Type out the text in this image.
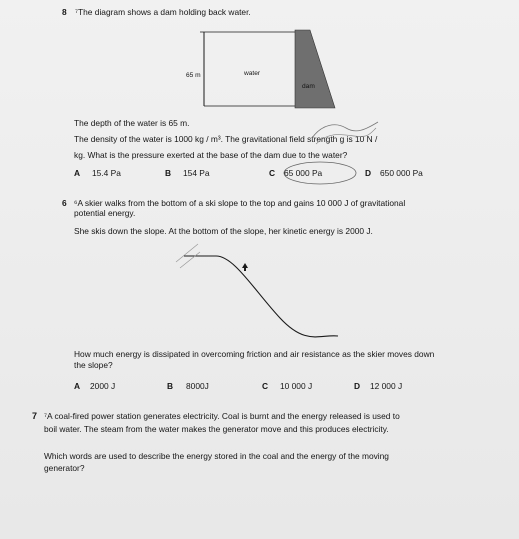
8 ⁷The diagram shows a dam holding back water.
65 m	water
dam
The depth of the water is 65 m.
The density of the water is 1000 kg / m³. The gravitational field strength g is 10 N /
kg. What is the pressure exerted at the base of the dam due to the water?
A 15.4 Pa	B 154 Pa	C 65 000 Pa	D 650 000 Pa
6 ⁶A skier walks from the bottom of a ski slope to the top and gains 10 000 J of gravitational
potential energy.
She skis down the slope. At the bottom of the slope, her kinetic energy is 2000 J.
How much energy is dissipated in overcoming friction and air resistance as the skier moves down
the slope?
A 2000 J	B 8000J	C 10 000 J	D 12 000 J
7 ⁷A coal-fired power station generates electricity. Coal is burnt and the energy released is used to
boil water. The steam from the water makes the generator move and this produces electricity.
Which words are used to describe the energy stored in the coal and the energy of the moving
generator?
